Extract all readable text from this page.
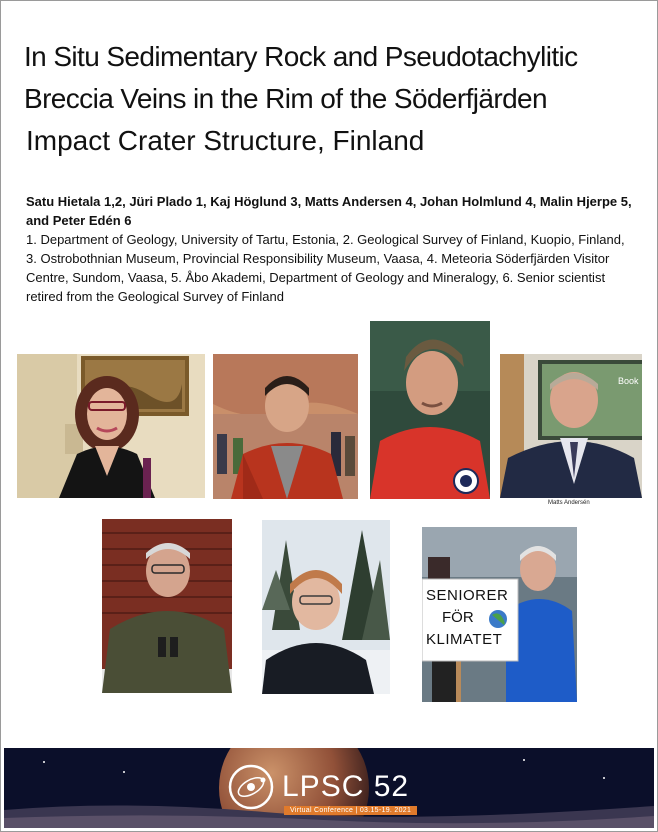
In Situ Sedimentary Rock and Pseudotachylitic
Breccia Veins in the Rim of the Söderfjärden
Impact Crater Structure, Finland
Satu Hietala 1,2, Jüri Plado 1, Kaj Höglund 3, Matts Andersen 4, Johan Holmlund 4, Malin Hjerpe 5, and Peter Edén 6
1. Department of Geology, University of Tartu, Estonia, 2. Geological Survey of Finland, Kuopio, Finland, 3. Ostrobothnian Museum, Provincial Responsibility Museum, Vaasa, 4. Meteoria Söderfjärden Visitor Centre, Sundom, Vaasa, 5. Åbo Akademi, Department of Geology and Mineralogy, 6. Senior scientist retired from the Geological Survey of Finland
Book
Matts Andersén
SENIORER
FÖR
KLIMATET
LPSC 52
Virtual Conference | 03.15-19. 2021
